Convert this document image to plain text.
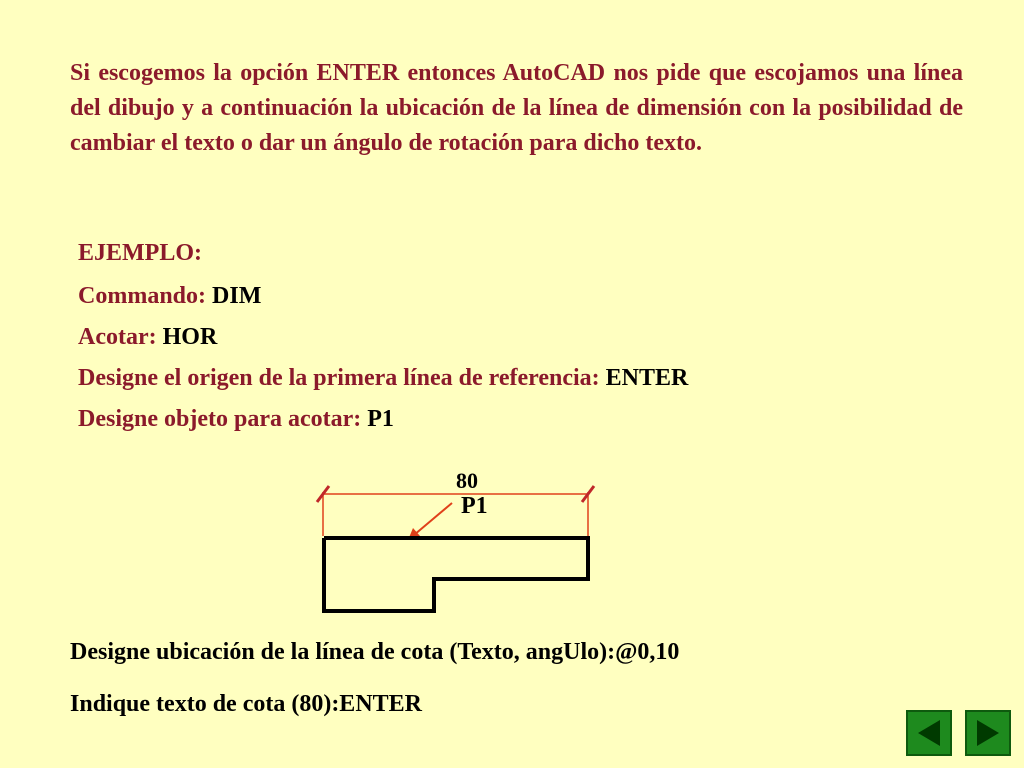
Si escogemos la opción ENTER entonces AutoCAD nos pide que escojamos una línea del dibujo y a continuación la ubicación de la línea de dimensión con la posibilidad de cambiar el texto o dar un ángulo de rotación para dicho texto.

EJEMPLO:
Commando: DIM
Acotar: HOR
Designe el origen de la primera línea de referencia: ENTER
Designe objeto para acotar: P1
80
P1
Designe ubicación de la línea de cota (Texto, angUlo):@0,10
Indique texto de cota (80):ENTER
